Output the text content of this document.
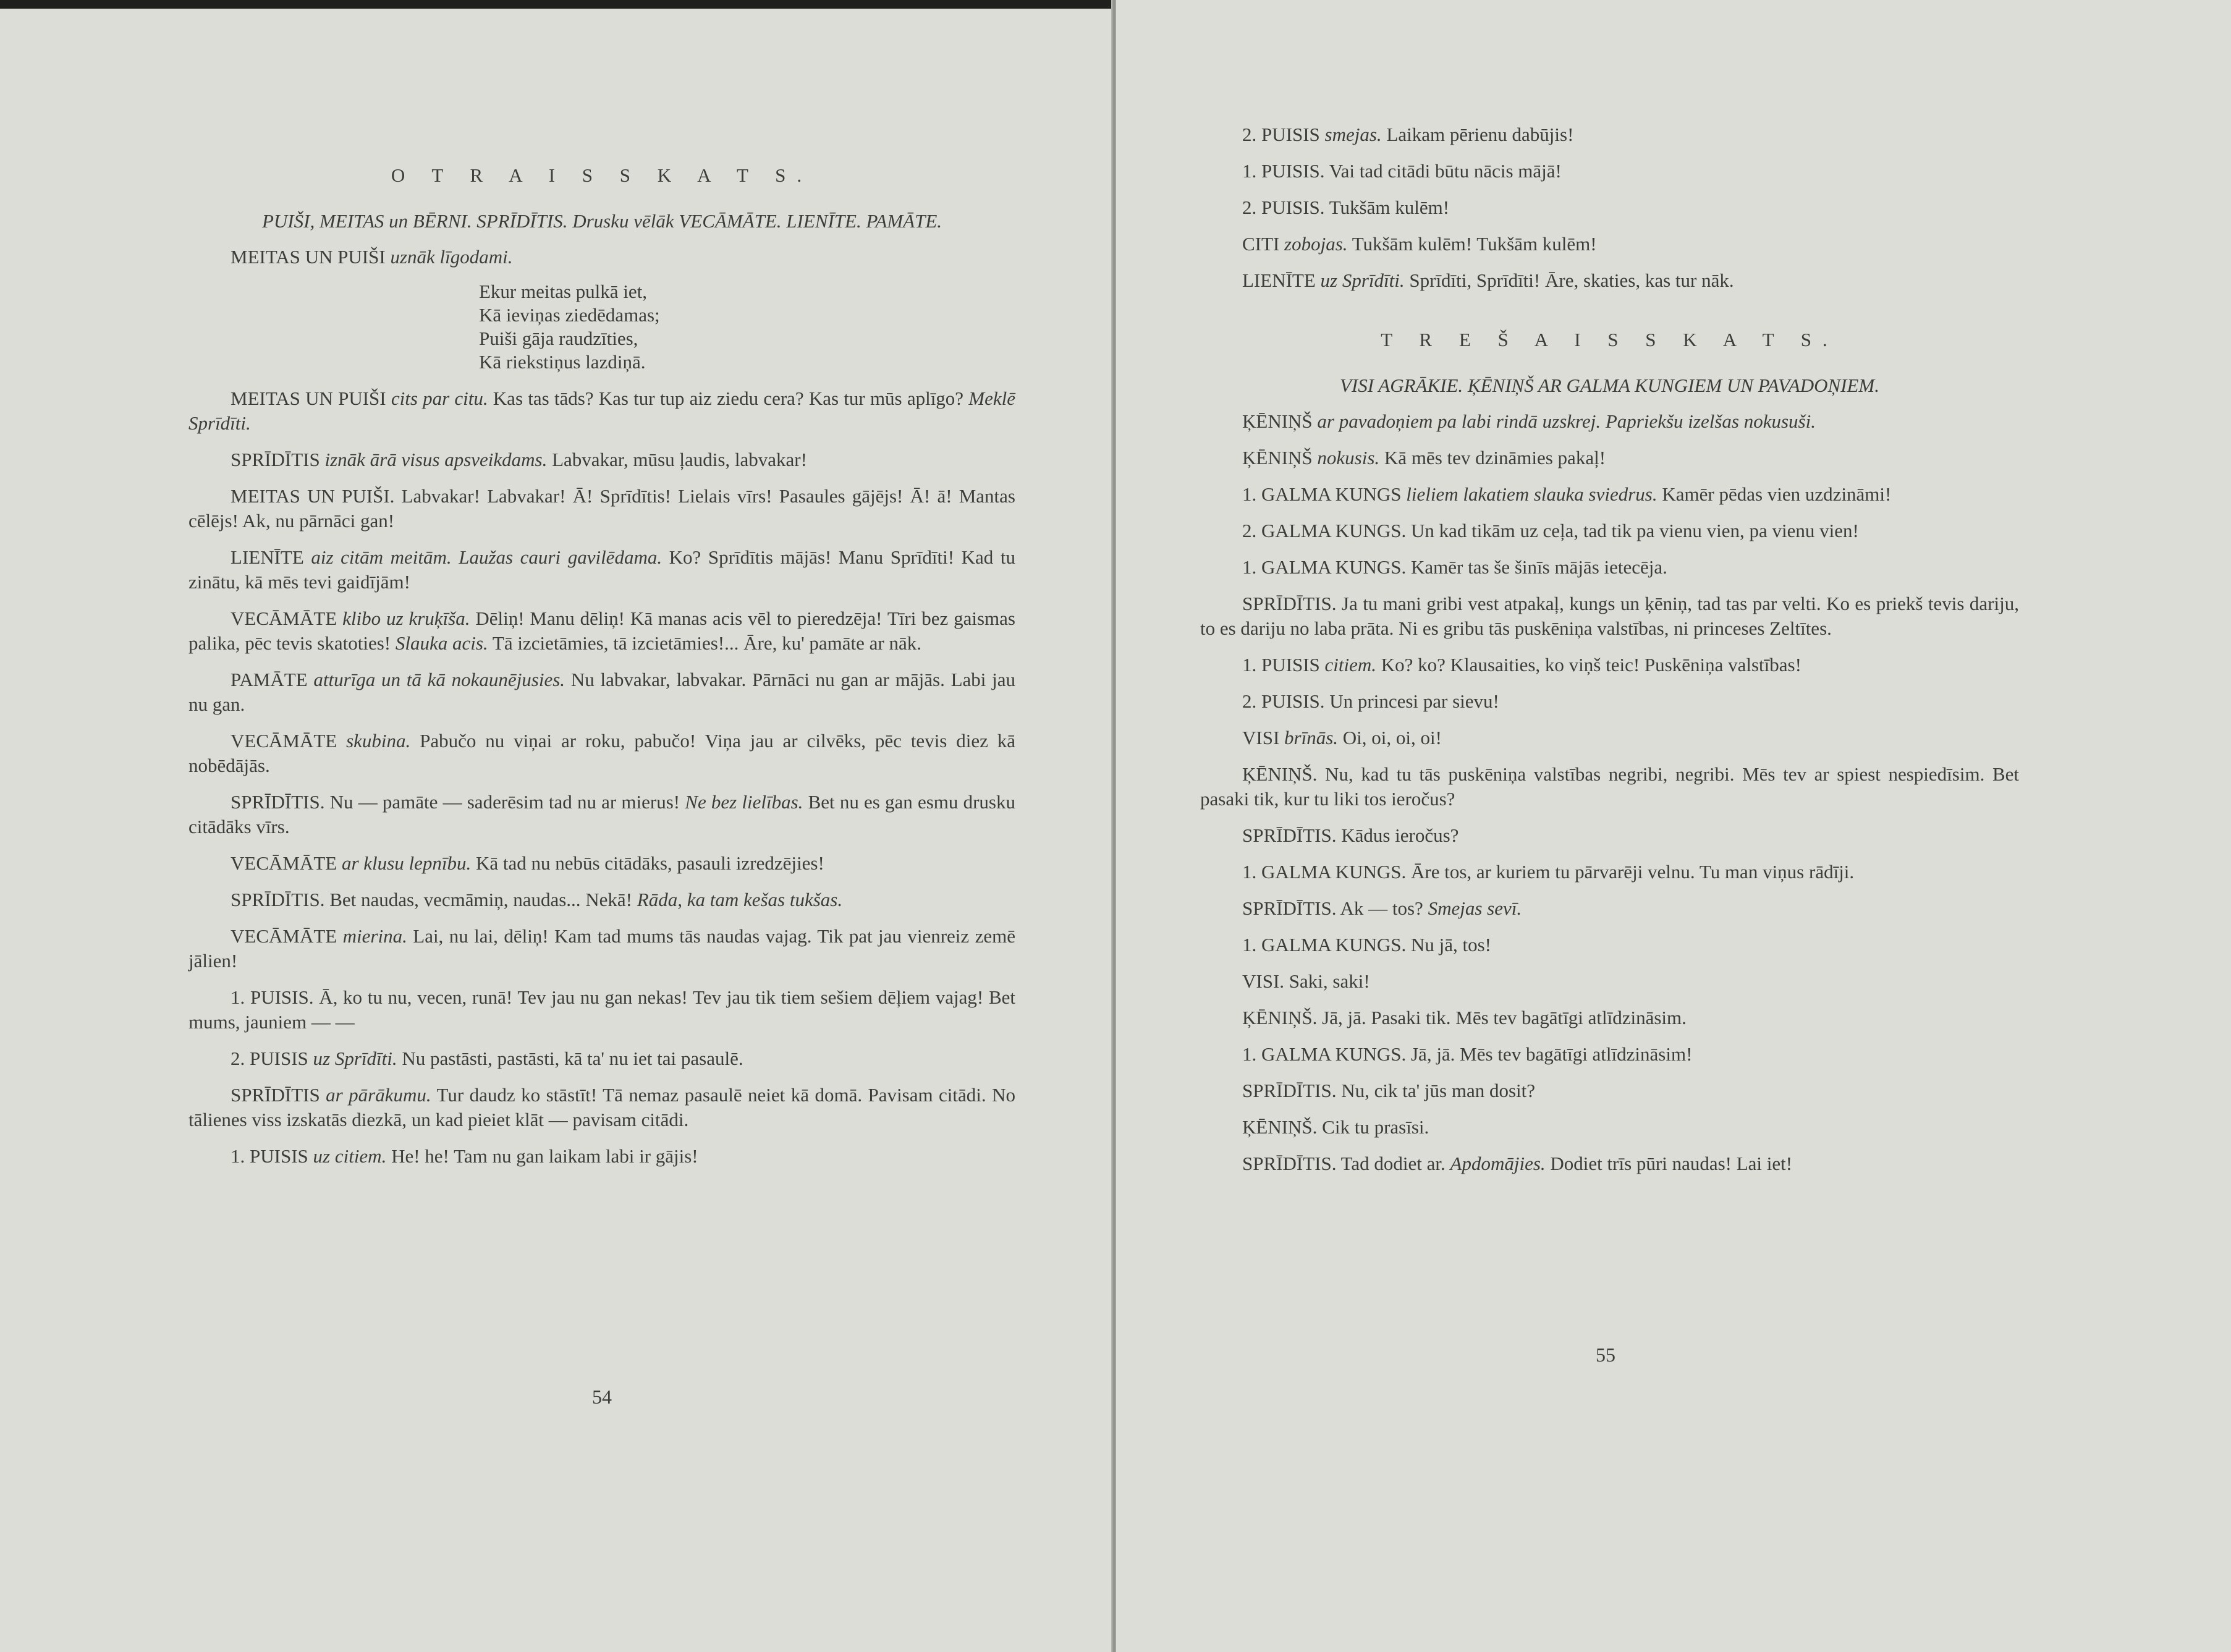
O T R A I S S K A T S.
PUIŠI, MEITAS un BĒRNI. SPRĪDĪTIS. Drusku vēlāk VECĀMĀTE. LIENĪTE. PAMĀTE.

MEITAS UN PUIŠI uznāk līgodami.

Ekur meitas pulkā iet,
Kā ieviņas ziedēdamas;
Puiši gāja raudzīties,
Kā riekstiņus lazdiņā.

MEITAS UN PUIŠI cits par citu. Kas tas tāds? Kas tur tup aiz ziedu cera? Kas tur mūs aplīgo? Meklē Sprīdīti.

SPRĪDĪTIS iznāk ārā visus apsveikdams. Labvakar, mūsu ļaudis, labvakar!

MEITAS UN PUIŠI. Labvakar! Labvakar! Ā! Sprīdītis! Lielais vīrs! Pasaules gājējs! Ā! ā! Mantas cēlējs! Ak, nu pārnāci gan!

LIENĪTE aiz citām meitām. Laužas cauri gavilēdama. Ko? Sprīdītis mājās! Manu Sprīdīti! Kad tu zinātu, kā mēs tevi gaidījām!

VECĀMĀTE klibo uz kruķīša. Dēliņ! Manu dēliņ! Kā manas acis vēl to pieredzēja! Tīri bez gaismas palika, pēc tevis skatoties! Slauka acis. Tā izcietāmies, tā izcietāmies!... Āre, ku' pamāte ar nāk.

PAMĀTE atturīga un tā kā nokaunējusies. Nu labvakar, labvakar. Pārnāci nu gan ar mājās. Labi jau nu gan.

VECĀMĀTE skubina. Pabučo nu viņai ar roku, pabučo! Viņa jau ar cilvēks, pēc tevis diez kā nobēdājās.

SPRĪDĪTIS. Nu — pamāte — saderēsim tad nu ar mierus! Ne bez lielības. Bet nu es gan esmu drusku citādāks vīrs.

VECĀMĀTE ar klusu lepnību. Kā tad nu nebūs citādāks, pasauli izredzējies!

SPRĪDĪTIS. Bet naudas, vecmāmiņ, naudas... Nekā! Rāda, ka tam kešas tukšas.

VECĀMĀTE mierina. Lai, nu lai, dēliņ! Kam tad mums tās naudas vajag. Tik pat jau vienreiz zemē jālien!

1. PUISIS. Ā, ko tu nu, vecen, runā! Tev jau nu gan nekas! Tev jau tik tiem sešiem dēļiem vajag! Bet mums, jauniem — —

2. PUISIS uz Sprīdīti. Nu pastāsti, pastāsti, kā ta' nu iet tai pasaulē.

SPRĪDĪTIS ar pārākumu. Tur daudz ko stāstīt! Tā nemaz pasaulē neiet kā domā. Pavisam citādi. No tālienes viss izskatās diezkā, un kad pieiet klāt — pavisam citādi.

1. PUISIS uz citiem. He! he! Tam nu gan laikam labi ir gājis!

54

2. PUISIS smejas. Laikam pērienu dabūjis!

1. PUISIS. Vai tad citādi būtu nācis mājā!

2. PUISIS. Tukšām kulēm!

CITI zobojas. Tukšām kulēm! Tukšām kulēm!

LIENĪTE uz Sprīdīti. Sprīdīti, Sprīdīti! Āre, skaties, kas tur nāk.

T R E Š A I S S K A T S.
VISI AGRĀKIE. ĶĒNIŅŠ AR GALMA KUNGIEM UN PAVADOŅIEM.

ĶĒNIŅŠ ar pavadoņiem pa labi rindā uzskrej. Papriekšu izelšas nokusuši.

ĶĒNIŅŠ nokusis. Kā mēs tev dzināmies pakaļ!

1. GALMA KUNGS lieliem lakatiem slauka sviedrus. Kamēr pēdas vien uzdzināmi!

2. GALMA KUNGS. Un kad tikām uz ceļa, tad tik pa vienu vien, pa vienu vien!

1. GALMA KUNGS. Kamēr tas še šinīs mājās ietecēja.

SPRĪDĪTIS. Ja tu mani gribi vest atpakaļ, kungs un ķēniņ, tad tas par velti. Ko es priekš tevis dariju, to es dariju no laba prāta. Ni es gribu tās puskēniņa valstības, ni princeses Zeltītes.

1. PUISIS citiem. Ko? ko? Klausaities, ko viņš teic! Puskēniņa valstības!

2. PUISIS. Un princesi par sievu!

VISI brīnās. Oi, oi, oi, oi!

ĶĒNIŅŠ. Nu, kad tu tās puskēniņa valstības negribi, negribi. Mēs tev ar spiest nespiedīsim. Bet pasaki tik, kur tu liki tos ieročus?

SPRĪDĪTIS. Kādus ieročus?

1. GALMA KUNGS. Āre tos, ar kuriem tu pārvarēji velnu. Tu man viņus rādīji.

SPRĪDĪTIS. Ak — tos? Smejas sevī.

1. GALMA KUNGS. Nu jā, tos!

VISI. Saki, saki!

ĶĒNIŅŠ. Jā, jā. Pasaki tik. Mēs tev bagātīgi atlīdzināsim.

1. GALMA KUNGS. Jā, jā. Mēs tev bagātīgi atlīdzināsim!

SPRĪDĪTIS. Nu, cik ta' jūs man dosit?

ĶĒNIŅŠ. Cik tu prasīsi.

SPRĪDĪTIS. Tad dodiet ar. Apdomājies. Dodiet trīs pūri naudas! Lai iet!

55
